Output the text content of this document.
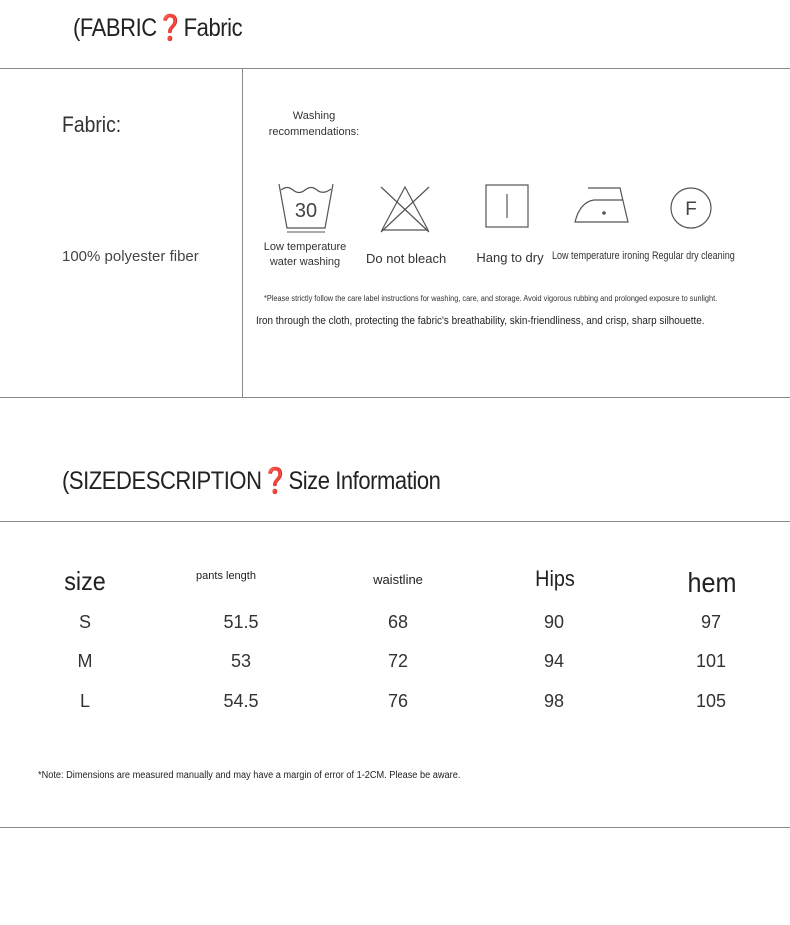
(FABRIC❓Fabric
Fabric:
100% polyester fiber
Washing recommendations:
30	F
Low temperature water washing	Do not bleach	Hang to dry Low temperature ironing Regular dry cleaning
*Please strictly follow the care label instructions for washing, care, and storage. Avoid vigorous rubbing and prolonged exposure to sunlight.
Iron through the cloth, protecting the fabric's breathability, skin-friendliness, and crisp, sharp silhouette.
(SIZEDESCRIPTION❓Size Information
size	pants length	waistline	Hips	hem
S	51.5	68	90	97
M	53	72	94	101
L	54.5	76	98	105
*Note: Dimensions are measured manually and may have a margin of error of 1-2CM. Please be aware.
